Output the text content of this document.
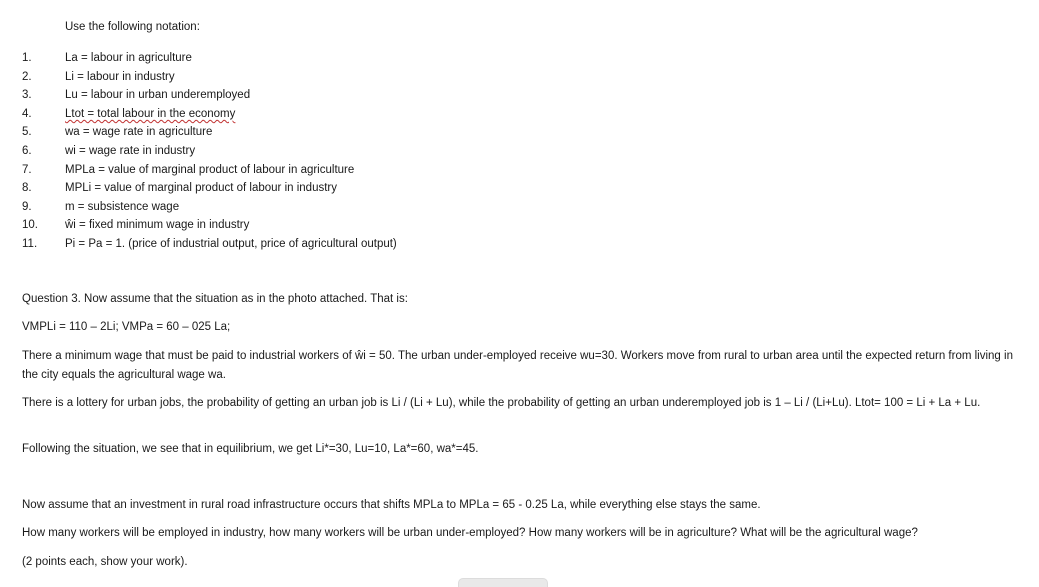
Use the following notation:
1.	La = labour in agriculture
2.	Li = labour in industry
3.	Lu = labour in urban underemployed
4.	Ltot = total labour in the economy
5.	wa = wage rate in agriculture
6.	wi = wage rate in industry
7.	MPLa = value of marginal product of labour in agriculture
8.	MPLi = value of marginal product of labour in industry
9.	m = subsistence wage
10. ŵi = fixed minimum wage in industry
11. Pi = Pa = 1. (price of industrial output, price of agricultural output)
Question 3. Now assume that the situation as in the photo attached. That is:
VMPLi = 110 – 2Li; VMPa = 60 – 025 La;
There a minimum wage that must be paid to industrial workers of ŵi = 50. The urban under-employed receive wu=30. Workers move from rural to urban area until the expected return from living in the city equals the agricultural wage wa.
There is a lottery for urban jobs, the probability of getting an urban job is Li / (Li + Lu), while the probability of getting an urban underemployed job is 1 – Li / (Li+Lu). Ltot= 100 = Li + La + Lu.
Following the situation, we see that in equilibrium, we get Li*=30, Lu=10, La*=60, wa*=45.
Now assume that an investment in rural road infrastructure occurs that shifts MPLa to MPLa = 65 - 0.25 La, while everything else stays the same.
How many workers will be employed in industry, how many workers will be urban under-employed? How many workers will be in agriculture? What will be the agricultural wage?
(2 points each, show your work).
